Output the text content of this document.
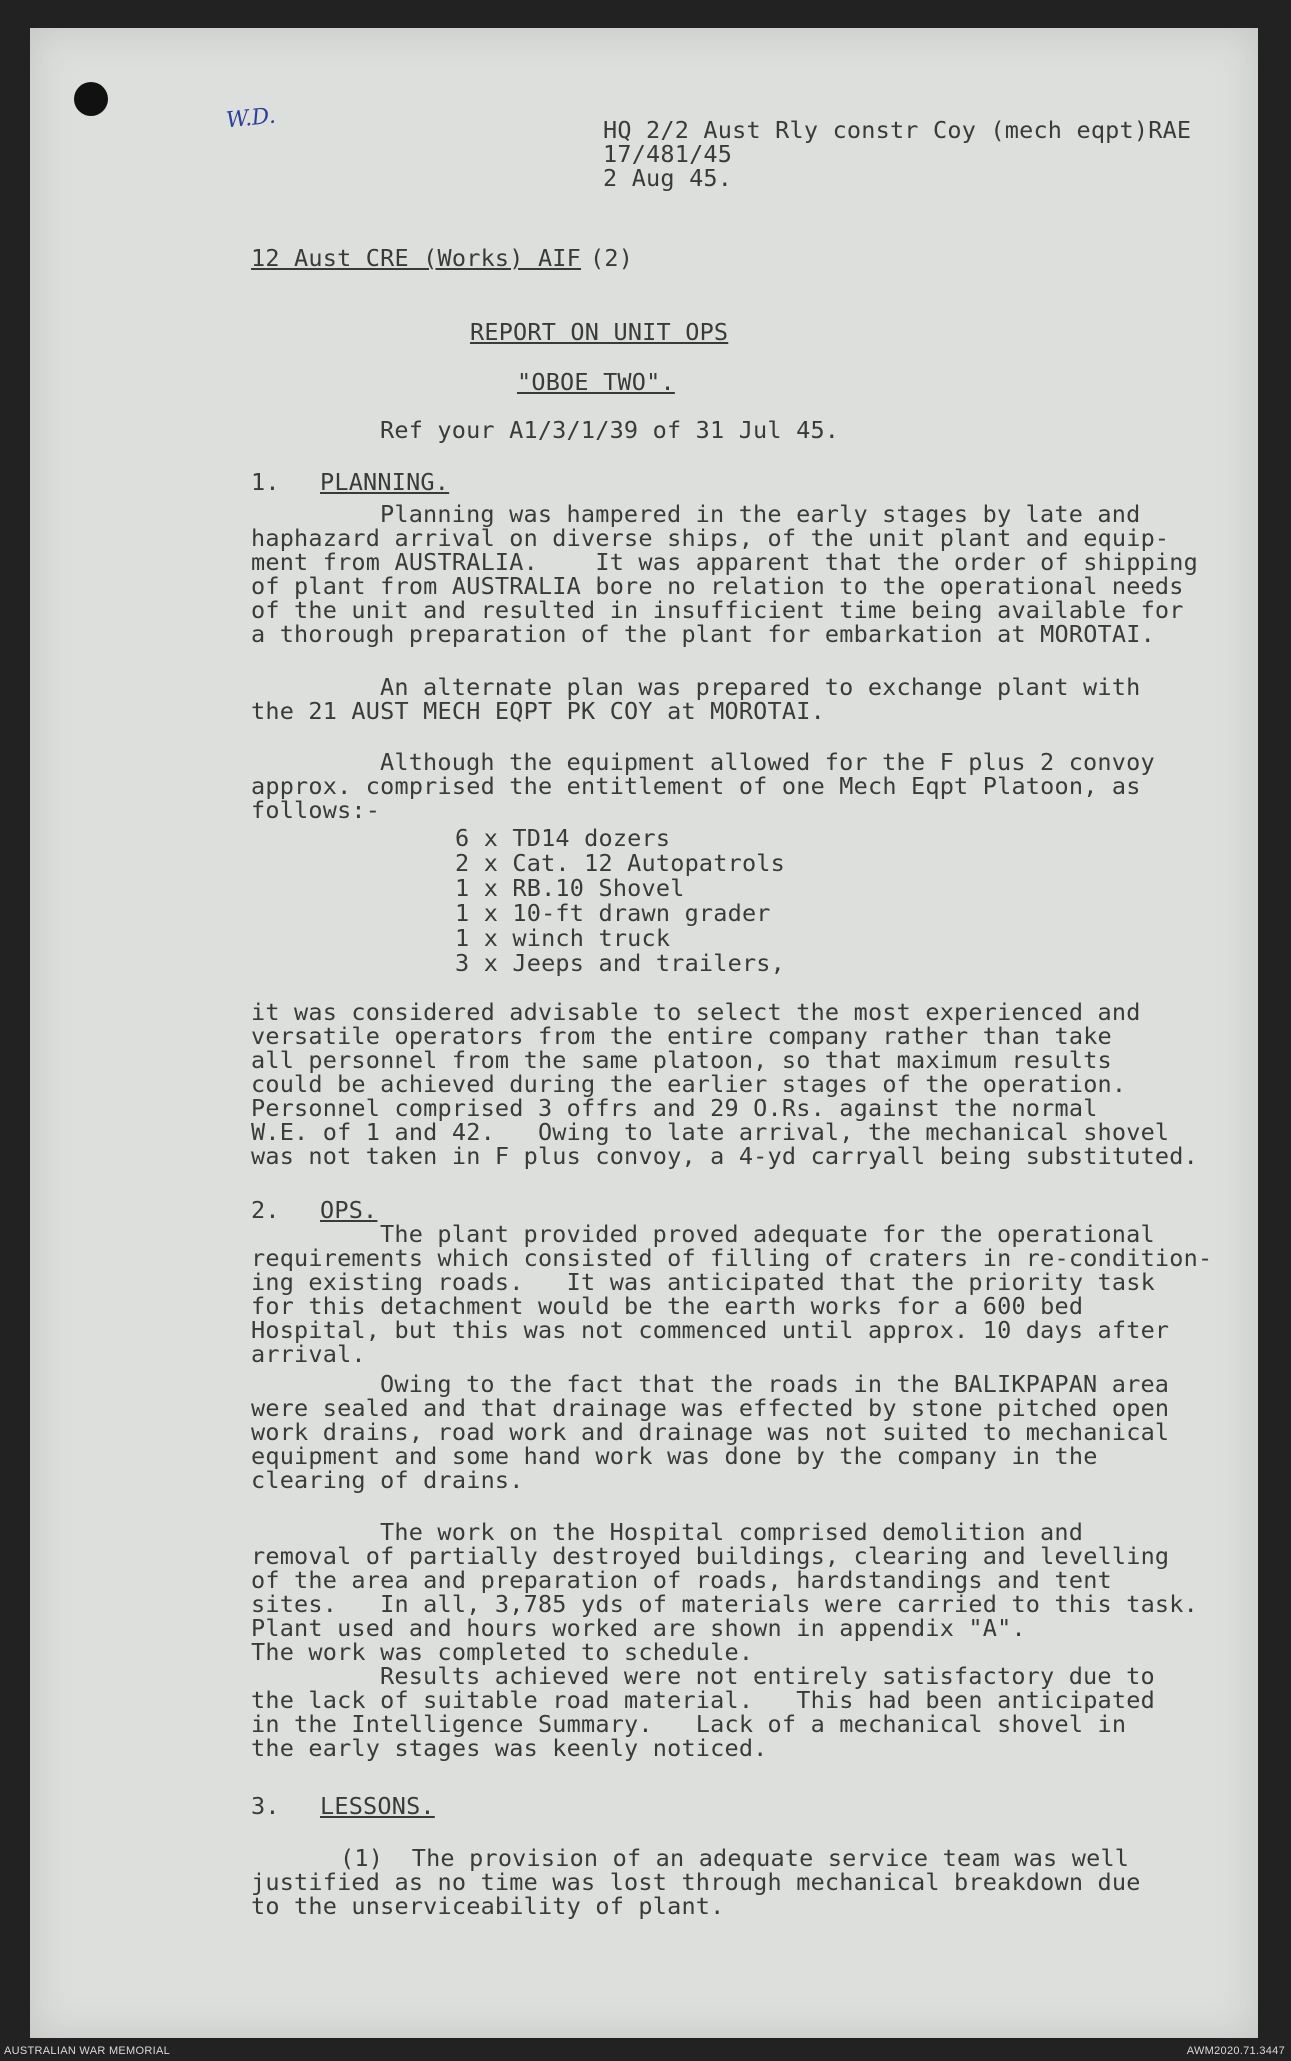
W.D.	HQ 2/2 Aust Rly constr Coy (mech eqpt)RAE
17/481/45
2 Aug 45.
12 Aust CRE (Works) AIF (2)
REPORT ON UNIT OPS
"OBOE TWO".
Ref your A1/3/1/39 of 31 Jul 45.
1. PLANNING.
Planning was hampered in the early stages by late and
haphazard arrival on diverse ships, of the unit plant and equip-
ment from AUSTRALIA.    It was apparent that the order of shipping
of plant from AUSTRALIA bore no relation to the operational needs
of the unit and resulted in insufficient time being available for
a thorough preparation of the plant for embarkation at MOROTAI.
An alternate plan was prepared to exchange plant with
the 21 AUST MECH EQPT PK COY at MOROTAI.
Although the equipment allowed for the F plus 2 convoy
approx. comprised the entitlement of one Mech Eqpt Platoon, as
follows:-
6 x TD14 dozers
2 x Cat. 12 Autopatrols
1 x RB.10 Shovel
1 x 10-ft drawn grader
1 x winch truck
3 x Jeeps and trailers,
it was considered advisable to select the most experienced and
versatile operators from the entire company rather than take
all personnel from the same platoon, so that maximum results
could be achieved during the earlier stages of the operation.
Personnel comprised 3 offrs and 29 O.Rs. against the normal
W.E. of 1 and 42.   Owing to late arrival, the mechanical shovel
was not taken in F plus convoy, a 4-yd carryall being substituted.
2. OPS.
The plant provided proved adequate for the operational
requirements which consisted of filling of craters in re-condition-
ing existing roads.   It was anticipated that the priority task
for this detachment would be the earth works for a 600 bed
Hospital, but this was not commenced until approx. 10 days after
arrival.
Owing to the fact that the roads in the BALIKPAPAN area
were sealed and that drainage was effected by stone pitched open
work drains, road work and drainage was not suited to mechanical
equipment and some hand work was done by the company in the
clearing of drains.
The work on the Hospital comprised demolition and
removal of partially destroyed buildings, clearing and levelling
of the area and preparation of roads, hardstandings and tent
sites.   In all, 3,785 yds of materials were carried to this task.
Plant used and hours worked are shown in appendix "A".
The work was completed to schedule.
Results achieved were not entirely satisfactory due to
the lack of suitable road material.   This had been anticipated
in the Intelligence Summary.   Lack of a mechanical shovel in
the early stages was keenly noticed.
3. LESSONS.
(1)  The provision of an adequate service team was well
justified as no time was lost through mechanical breakdown due
to the unserviceability of plant.
AUSTRALIAN WAR MEMORIAL	AWM2020.71.3447
